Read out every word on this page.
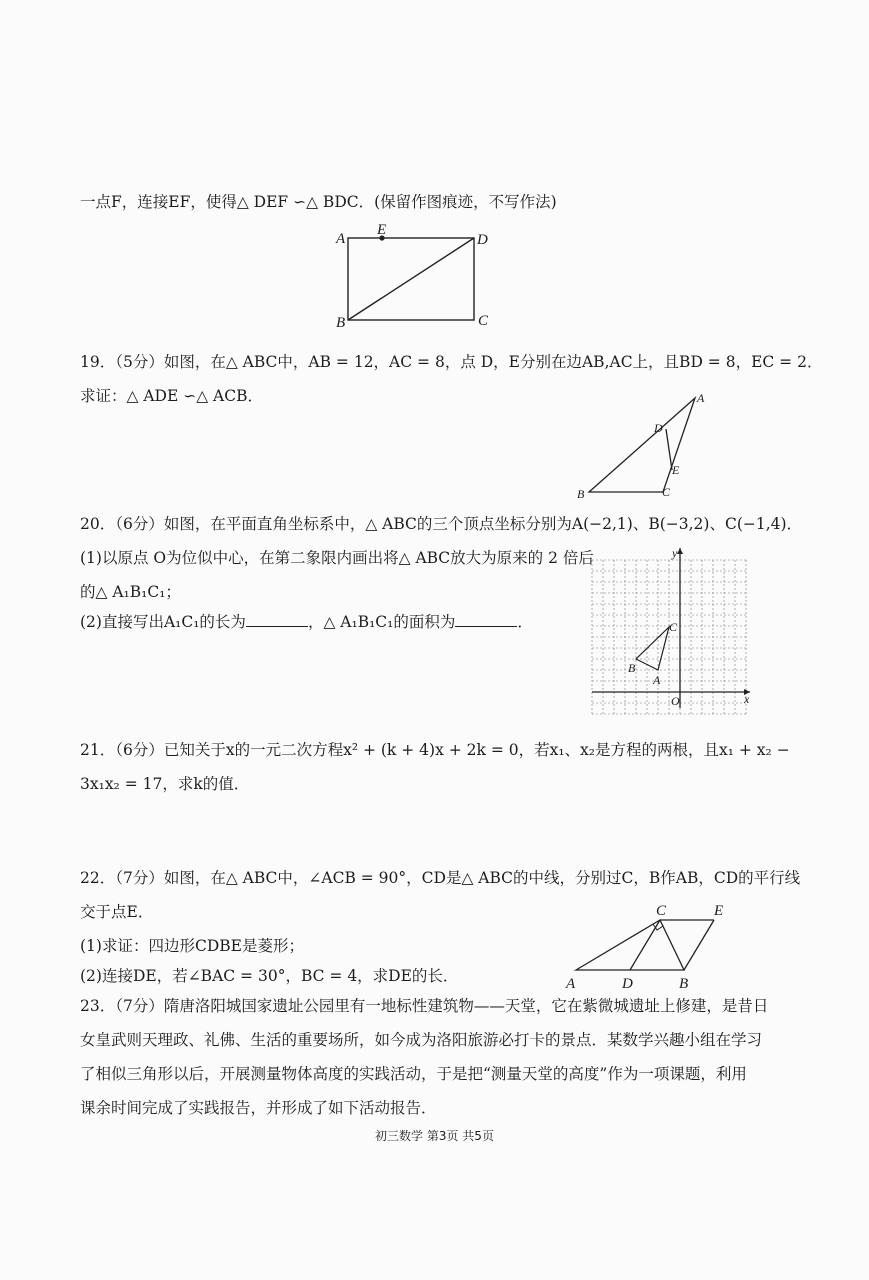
一点F，连接EF，使得△ DEF ∽△ BDC．(保留作图痕迹，不写作法)
A
E
D
B	C
19．（5分）如图，在△ ABC中，AB = 12，AC = 8，点 D，E分别在边AB,AC上，且BD = 8，EC = 2．
求证：△ ADE ∽△ ACB．	A
D
E
B	C
20．（6分）如图，在平面直角坐标系中，△ ABC的三个顶点坐标分别为A(−2,1)、B(−3,2)、C(−1,4)．
(1)以原点 O为位似中心，在第二象限内画出将△ ABC放大为原来的 2 倍后
的△ A₁B₁C₁；
(2)直接写出A₁C₁的长为	，△ A₁B₁C₁的面积为	．
y
x
O
A
B
C
21．（6分）已知关于x的一元二次方程x² + (k + 4)x + 2k = 0，若x₁、x₂是方程的两根，且x₁ + x₂ −
3x₁x₂ = 17，求k的值．
22．（7分）如图，在△ ABC中，∠ACB = 90°，CD是△ ABC的中线，分别过C，B作AB，CD的平行线
交于点E．
(1)求证：四边形CDBE是菱形；
(2)连接DE，若∠BAC = 30°，BC = 4，求DE的长．
C	E
A	D	B
23．（7分）隋唐洛阳城国家遗址公园里有一地标性建筑物——天堂，它在紫微城遗址上修建，是昔日
女皇武则天理政、礼佛、生活的重要场所，如今成为洛阳旅游必打卡的景点．某数学兴趣小组在学习
了相似三角形以后，开展测量物体高度的实践活动，于是把“测量天堂的高度”作为一项课题，利用
课余时间完成了实践报告，并形成了如下活动报告．
初三数学 第3页 共5页
